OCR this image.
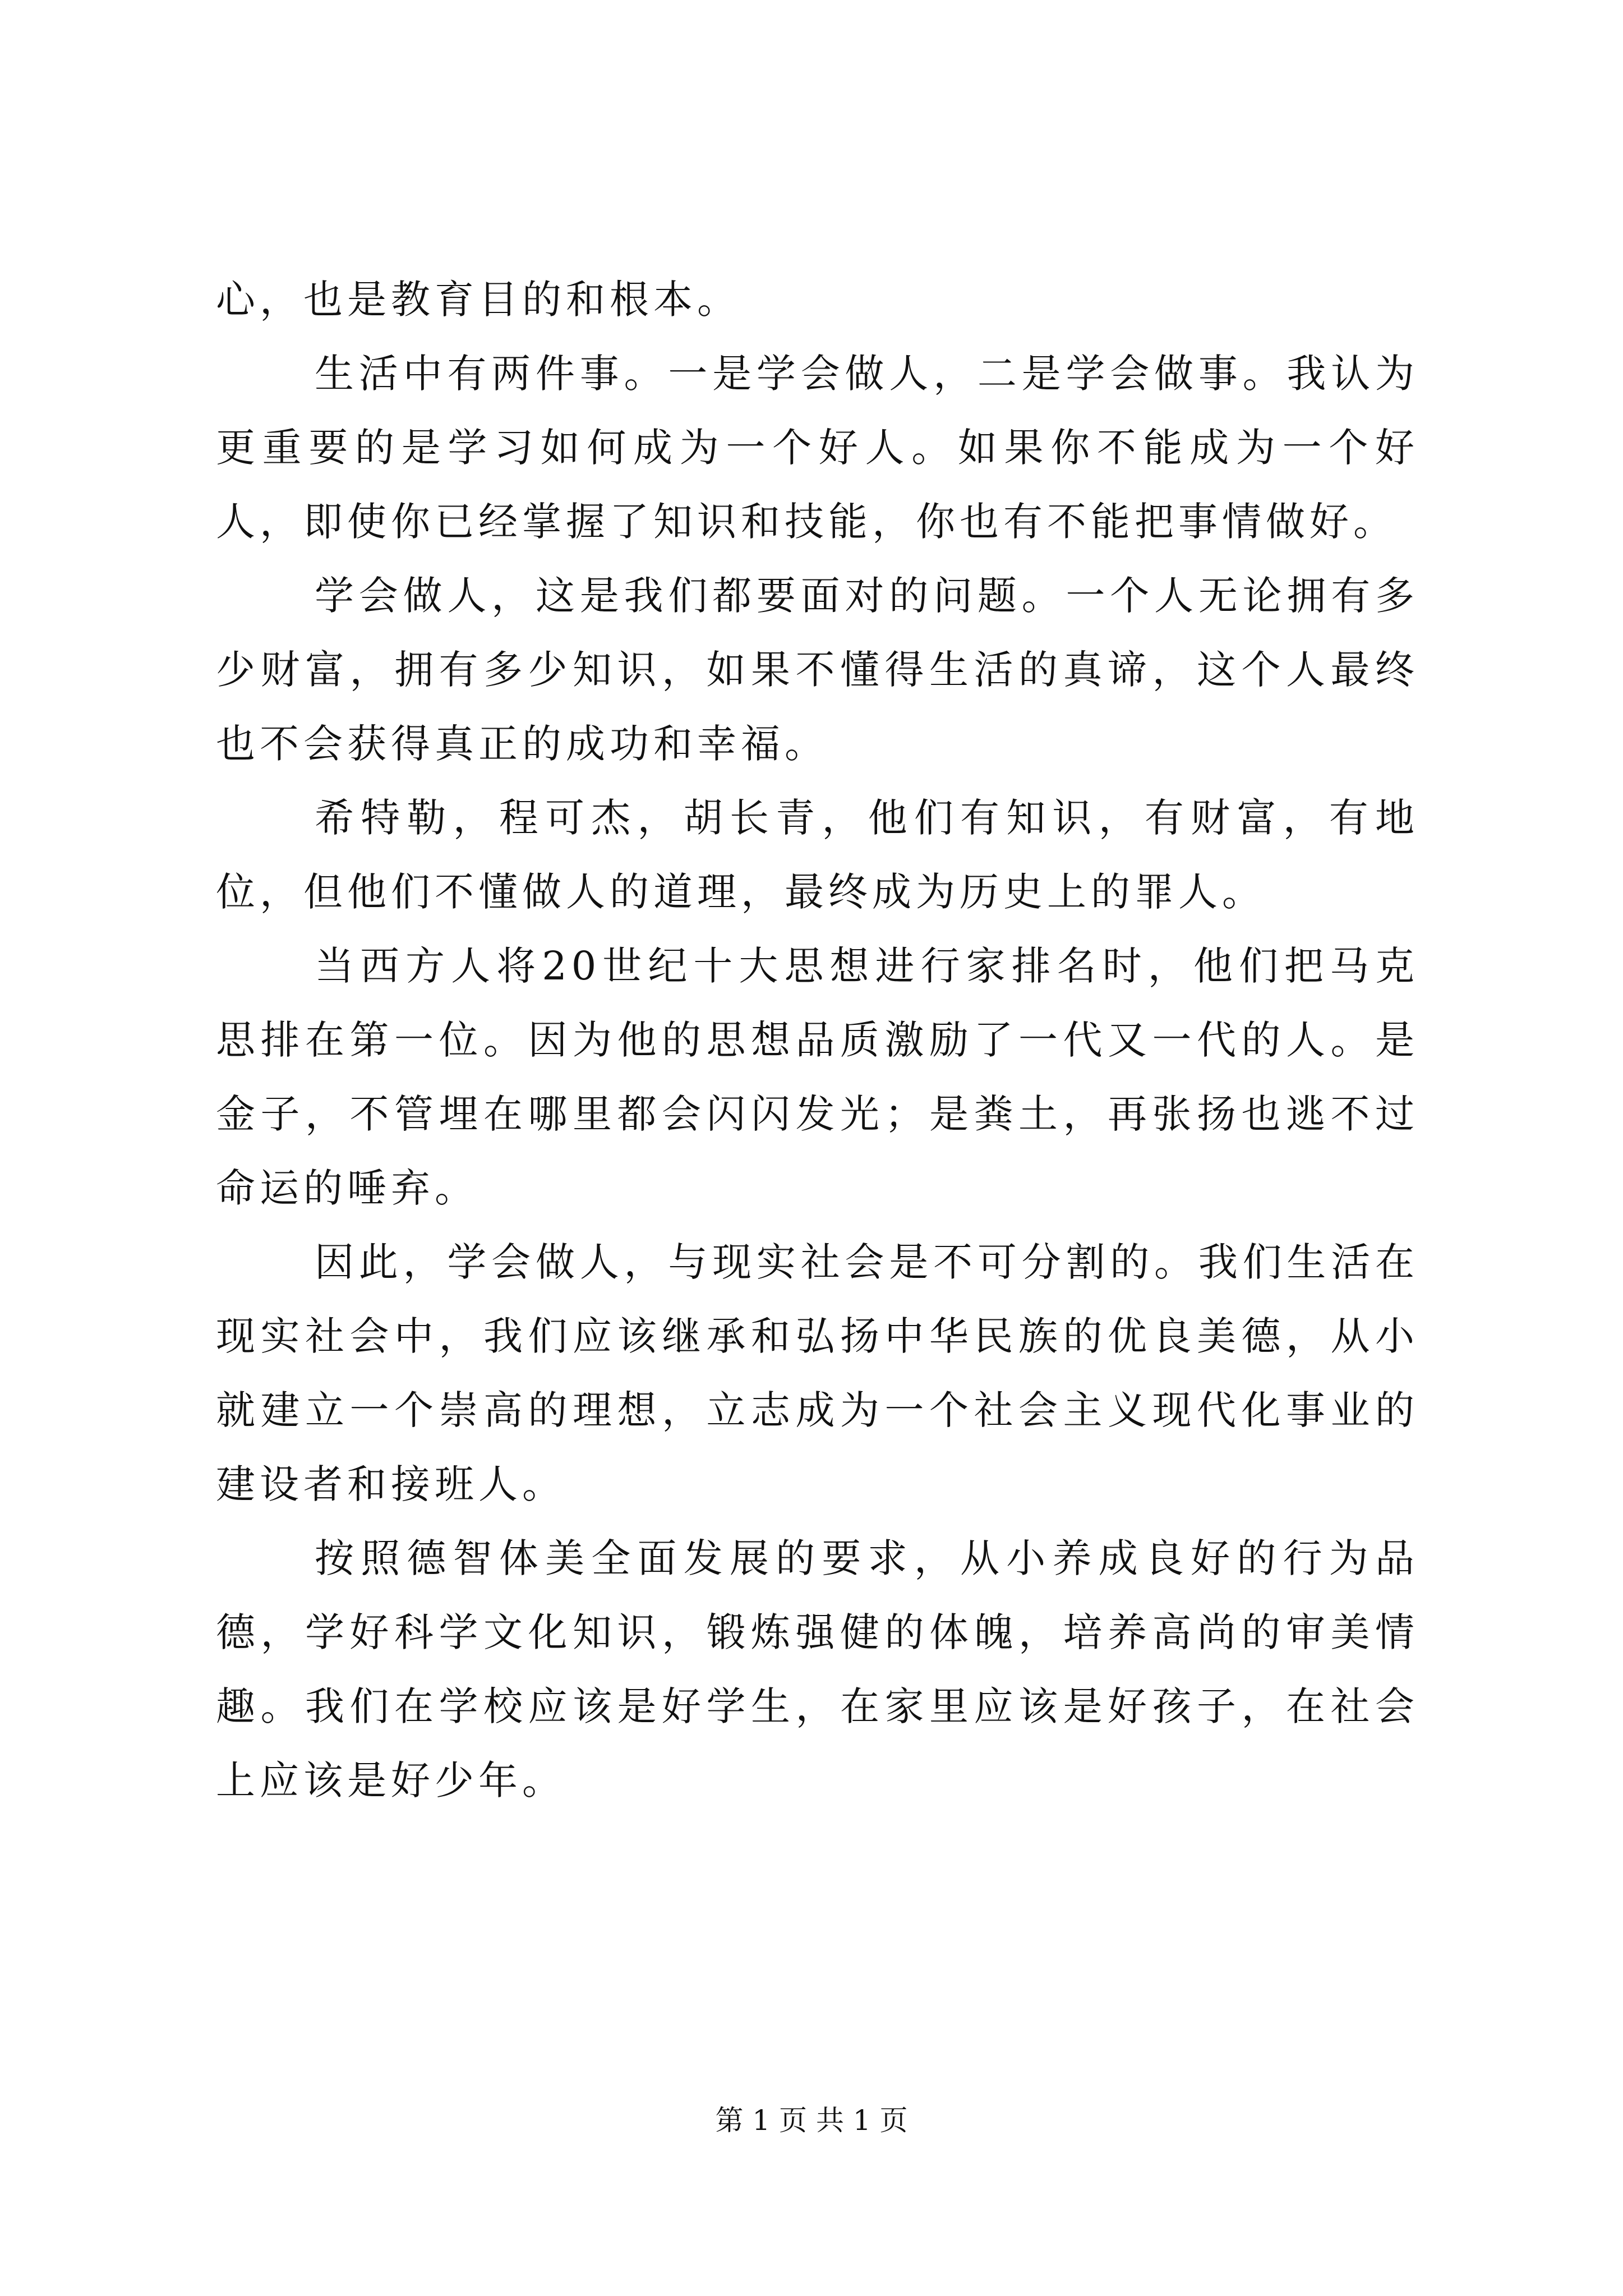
心，也是教育目的和根本。

生活中有两件事。一是学会做人，二是学会做事。我认为更重要的是学习如何成为一个好人。如果你不能成为一个好人，即使你已经掌握了知识和技能，你也有不能把事情做好。

学会做人，这是我们都要面对的问题。一个人无论拥有多少财富，拥有多少知识，如果不懂得生活的真谛，这个人最终也不会获得真正的成功和幸福。

希特勒，程可杰，胡长青，他们有知识，有财富，有地位，但他们不懂做人的道理，最终成为历史上的罪人。

当西方人将20世纪十大思想进行家排名时，他们把马克思排在第一位。因为他的思想品质激励了一代又一代的人。是金子，不管埋在哪里都会闪闪发光；是粪土，再张扬也逃不过命运的唾弃。

因此，学会做人，与现实社会是不可分割的。我们生活在现实社会中，我们应该继承和弘扬中华民族的优良美德，从小就建立一个崇高的理想，立志成为一个社会主义现代化事业的建设者和接班人。

按照德智体美全面发展的要求，从小养成良好的行为品德，学好科学文化知识，锻炼强健的体魄，培养高尚的审美情趣。我们在学校应该是好学生，在家里应该是好孩子，在社会上应该是好少年。

第 1 页 共 1 页
